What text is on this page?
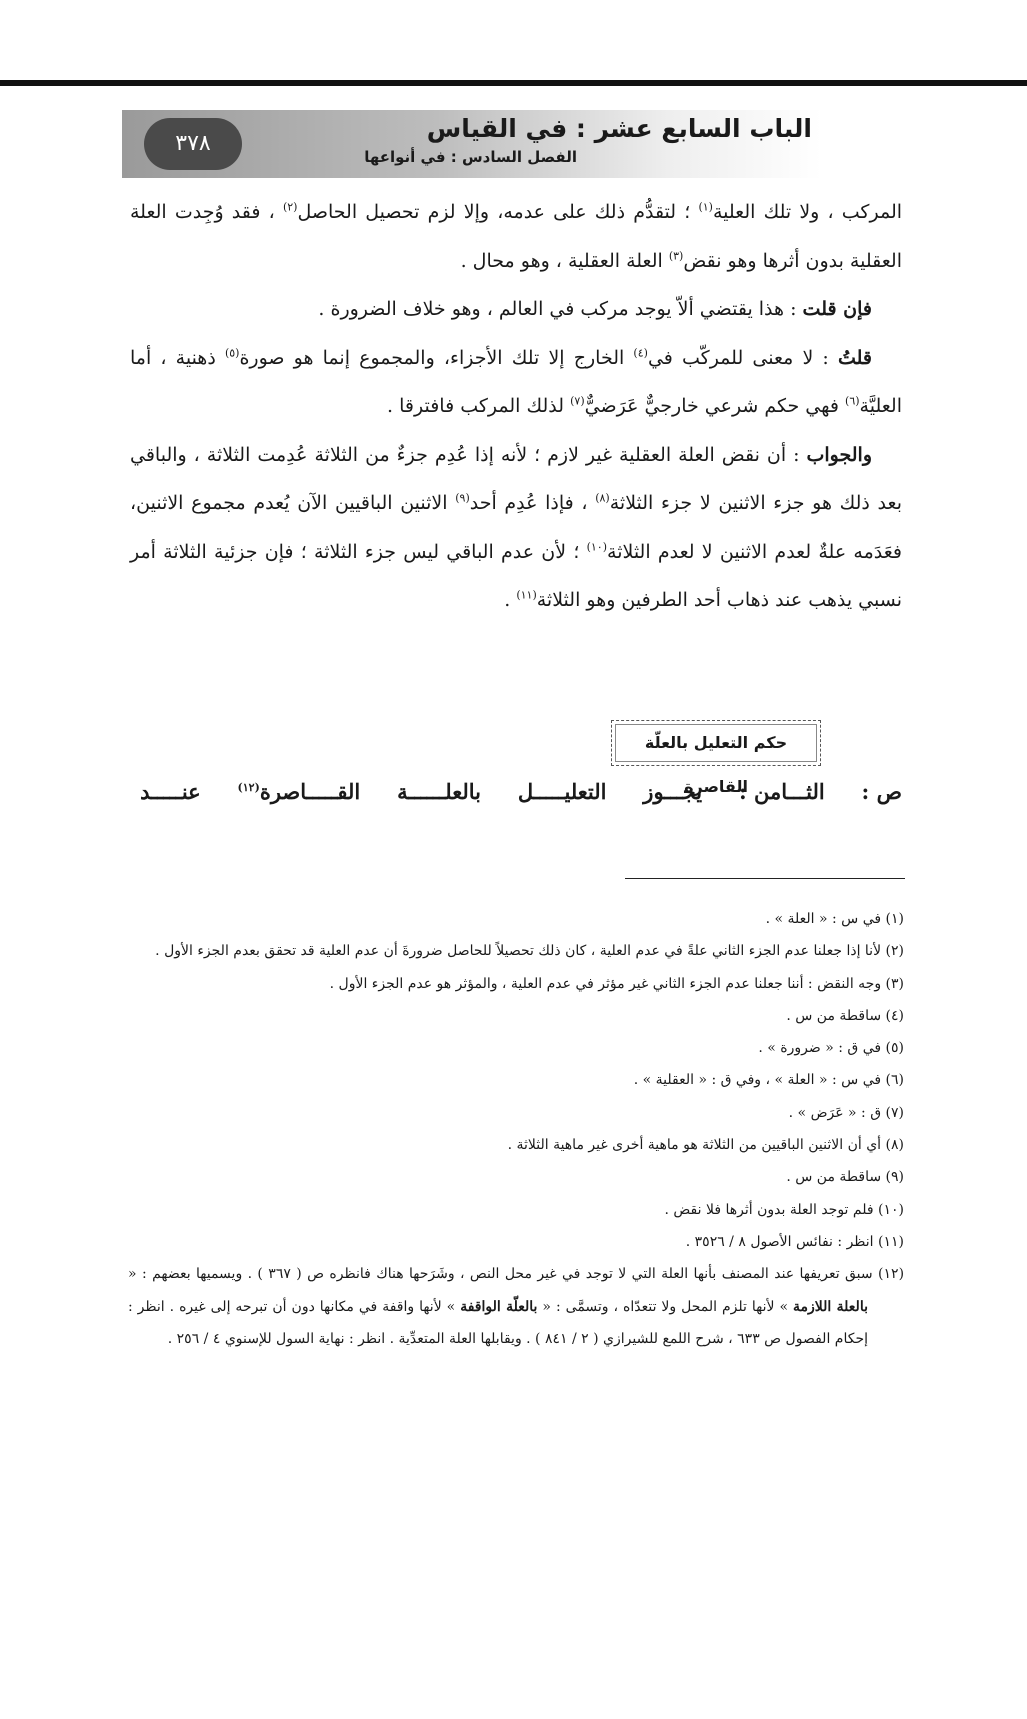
الباب السابع عشر : في القياس
الفصل السادس : في أنواعها
٣٧٨

المركب ، ولا تلك العلية$^{(١)}$ ؛ لتقدُّم ذلك على عدمه، وإلا لزم تحصيل الحاصل$^{(٢)}$ ، فقد وُجِدت العلة العقلية بدون أثرها وهو نقض$^{(٣)}$ العلة العقلية ، وهو محال .

فإن قلت : هذا يقتضي ألاّ يوجد مركب في العالم ، وهو خلاف الضرورة .

قلتُ : لا معنى للمركّب في$^{(٤)}$ الخارج إلا تلك الأجزاء، والمجموع إنما هو صورة$^{(٥)}$ ذهنية ، أما العليَّة$^{(٦)}$ فهي حكم شرعي خارجيٌّ عَرَضيٌّ$^{(٧)}$ لذلك المركب فافترقا .

والجواب : أن نقض العلة العقلية غير لازم ؛ لأنه إذا عُدِم جزءٌ من الثلاثة عُدِمت الثلاثة ، والباقي بعد ذلك هو جزء الاثنين لا جزء الثلاثة$^{(٨)}$ ، فإذا عُدِم أحد$^{(٩)}$ الاثنين الباقيين الآن يُعدم مجموع الاثنين، فعَدَمه علةٌ لعدم الاثنين لا لعدم الثلاثة$^{(١٠)}$ ؛ لأن عدم الباقي ليس جزء الثلاثة ؛ فإن جزئية الثلاثة أمر نسبي يذهب عند ذهاب أحد الطرفين وهو الثلاثة$^{(١١)}$ .

حكم التعليل بالعلّة القاصرة	ص :
الثـــامن :
يجـــوز
التعليـــــل
بالعلــــــة
القـــــاصرة$^{(١٢)}$
عنـــــد

(١) في س : « العلة » .

(٢) لأنا إذا جعلنا عدم الجزء الثاني علةً في عدم العلية ، كان ذلك تحصيلاً للحاصل ضرورةَ أن عدم العلية قد تحقق بعدم الجزء الأول .

(٣) وجه النقض : أننا جعلنا عدم الجزء الثاني غير مؤثر في عدم العلية ، والمؤثر هو عدم الجزء الأول .

(٤) ساقطة من س .

(٥) في ق : « ضرورة » .

(٦) في س : « العلة » ، وفي ق : « العقلية » .

(٧) ق : « عَرَض » .

(٨) أي أن الاثنين الباقيين من الثلاثة هو ماهية أخرى غير ماهية الثلاثة .

(٩) ساقطة من س .

(١٠) فلم توجد العلة بدون أثرها فلا نقض .

(١١) انظر : نفائس الأصول ٨ / ٣٥٢٦ .

(١٢) سبق تعريفها عند المصنف بأنها العلة التي لا توجد في غير محل النص ، وشَرَحها هناك فانظره ص ( ٣٦٧ ) . ويسميها بعضهم : « بالعلة اللازمة » لأنها تلزم المحل ولا تتعدّاه ، وتسمَّى : « بالعلّة الواقفة » لأنها واقفة في مكانها دون أن تبرحه إلى غيره . انظر : إحكام الفصول ص ٦٣٣ ، شرح اللمع للشيرازي ( ٢ / ٨٤١ ) . ويقابلها العلة المتعدِّية . انظر : نهاية السول للإسنوي ٤ / ٢٥٦ .
